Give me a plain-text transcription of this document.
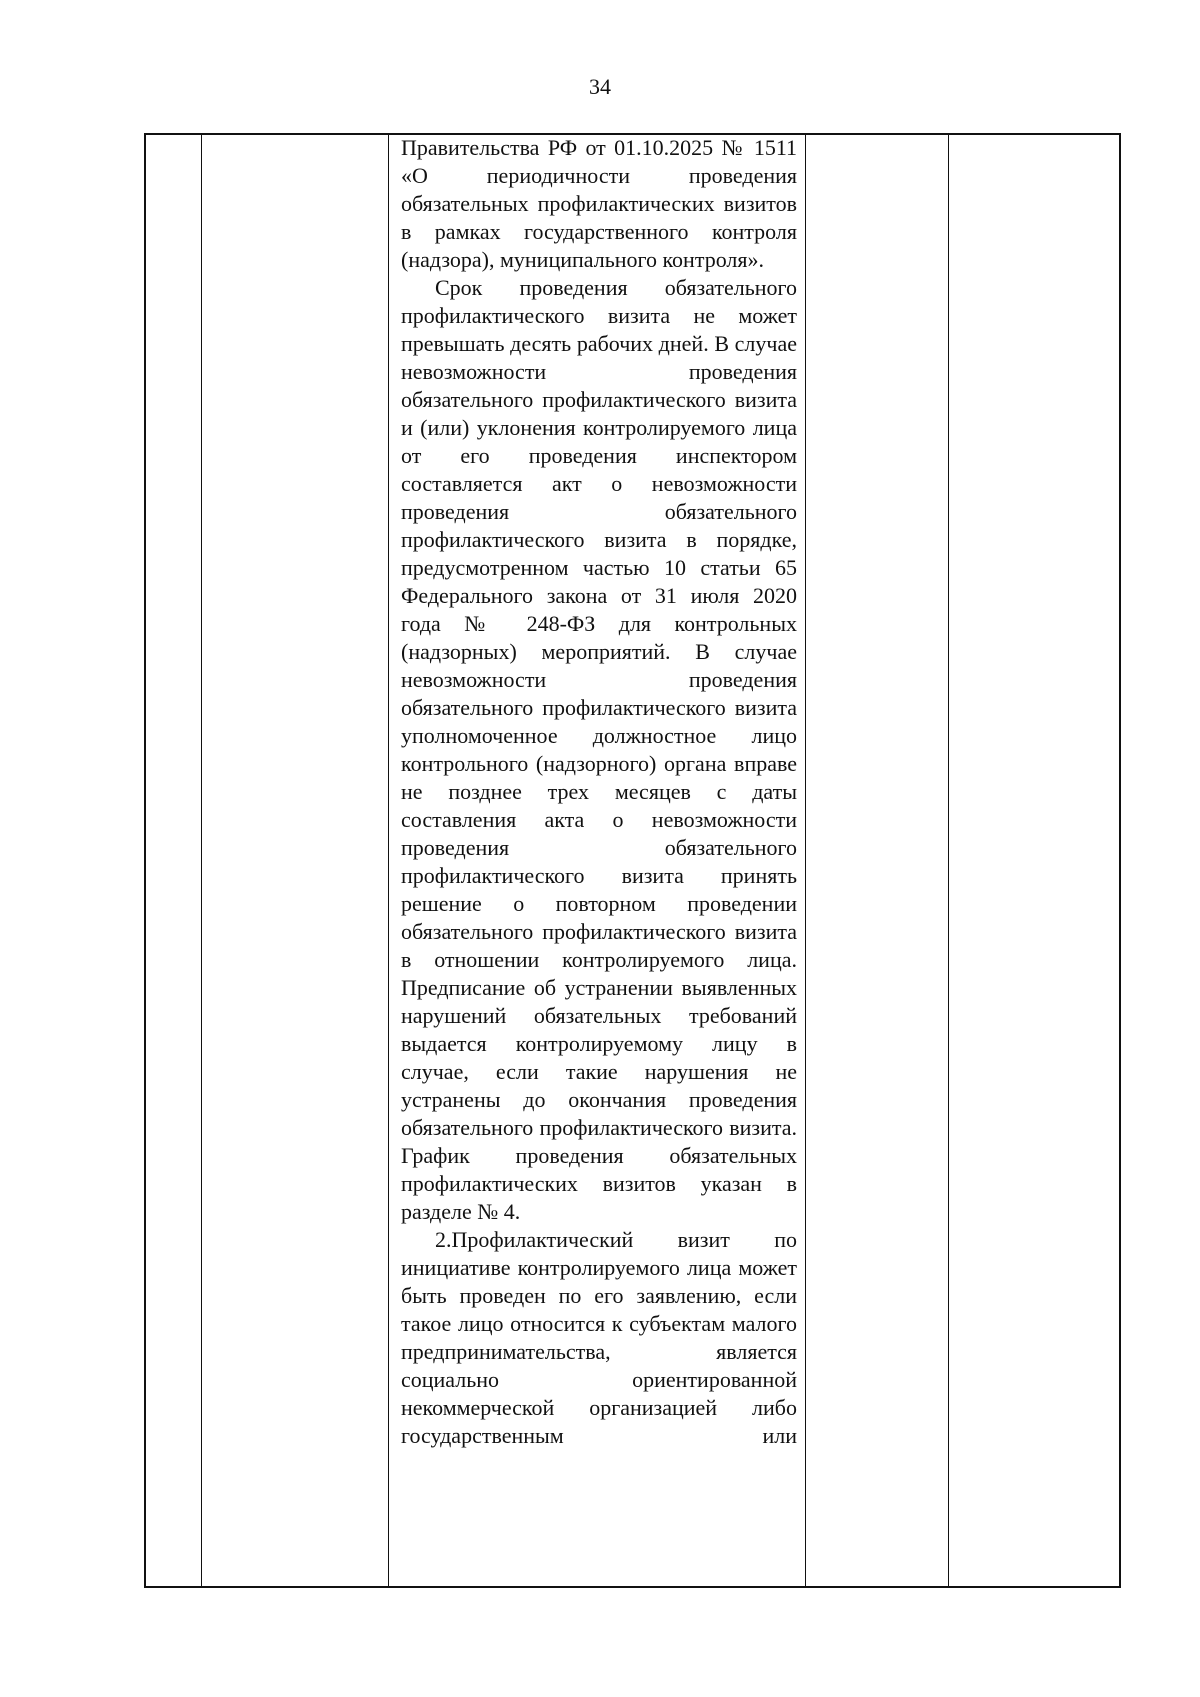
34

Правительства РФ от 01.10.2025 № 1511 «О периодичности проведения обязательных профилактических визитов в рамках государственного контроля (надзора), муниципального контроля».

Срок проведения обязательного профилактического визита не может превышать десять рабочих дней. В случае невозможности проведения обязательного профилактического визита и (или) уклонения контролируемого лица от его проведения инспектором составляется акт о невозможности проведения обязательного профилактического визита в порядке, предусмотренном частью 10 статьи 65 Федерального закона от 31 июля 2020 года № 248-ФЗ для контрольных (надзорных) мероприятий. В случае невозможности проведения обязательного профилактического визита уполномоченное должностное лицо контрольного (надзорного) органа вправе не позднее трех месяцев с даты составления акта о невозможности проведения обязательного профилактического визита принять решение о повторном проведении обязательного профилактического визита в отношении контролируемого лица. Предписание об устранении выявленных нарушений обязательных требований выдается контролируемому лицу в случае, если такие нарушения не устранены до окончания проведения обязательного профилактического визита. График проведения обязательных профилактических визитов указан в разделе № 4.

2.Профилактический визит по инициативе контролируемого лица может быть проведен по его заявлению, если такое лицо относится к субъектам малого предпринимательства, является социально ориентированной некоммерческой организацией либо государственным или
